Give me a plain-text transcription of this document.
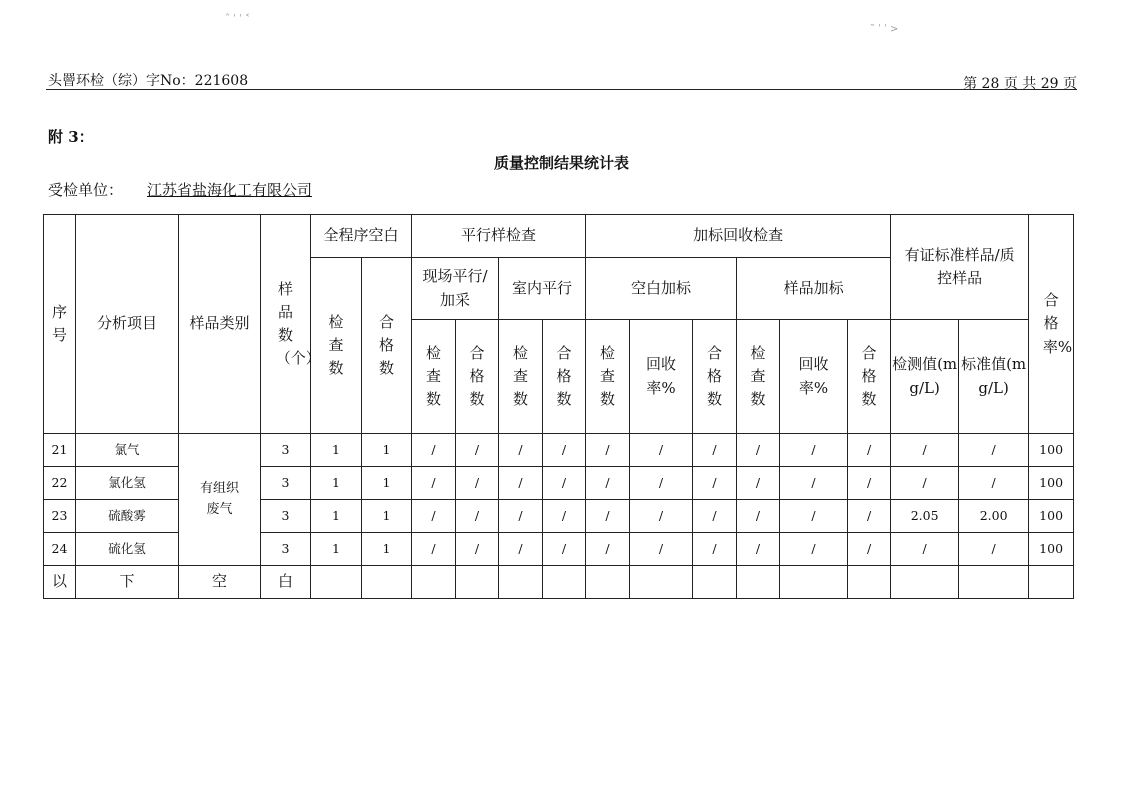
ˆ ˈ ˈ ˂
˜ ˈ ˈ >
头罾环检（综）字No：221608	第 28 页 共 29 页
附 3：
质量控制结果统计表
受检单位： 江苏省盐海化工有限公司
序号	分析项目	样品类别	样品数（个）	全程序空白		平行样检查				加标回收检查						有证标准样品/质控样品		合格率%
				检查数	合格数	现场平行/加采		室内平行		空白加标			样品加标					
						检查数	合格数	检查数	合格数	检查数	回收率%	合格数	检查数	回收率%	合格数	检测值(mg/L)	标准值(mg/L)	
21	氯气	有组织废气	3	1	1	/	/	/	/	/	/	/	/	/	/	/	/	100
22	氯化氢		3	1	1	/	/	/	/	/	/	/	/	/	/	/	/	100
23	硫酸雾		3	1	1	/	/	/	/	/	/	/	/	/	/	2.05	2.00	100
24	硫化氢		3	1	1	/	/	/	/	/	/	/	/	/	/	/	/	100
以	下	空	白															
